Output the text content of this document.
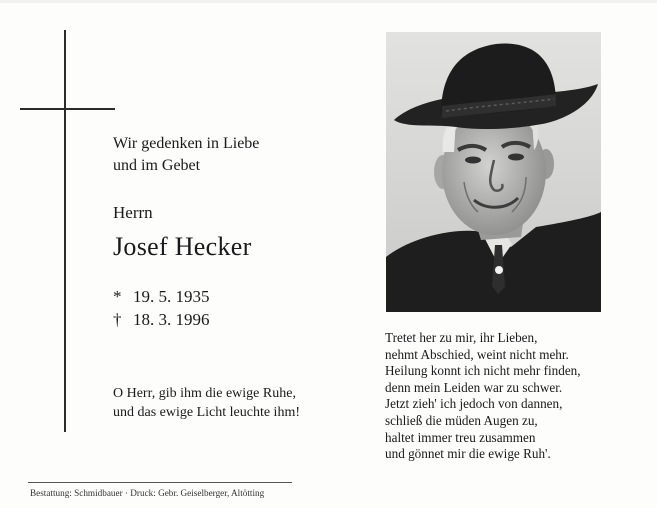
Wir gedenken in Liebe
und im Gebet
Herrn
Josef Hecker
* 19. 5. 1935
† 18. 3. 1996
O Herr, gib ihm die ewige Ruhe,
und das ewige Licht leuchte ihm!
Tretet her zu mir, ihr Lieben,
nehmt Abschied, weint nicht mehr.
Heilung konnt ich nicht mehr finden,
denn mein Leiden war zu schwer.
Jetzt zieh' ich jedoch von dannen,
schließ die müden Augen zu,
haltet immer treu zusammen
und gönnet mir die ewige Ruh'.
Bestattung: Schmidbauer · Druck: Gebr. Geiselberger, Altötting
